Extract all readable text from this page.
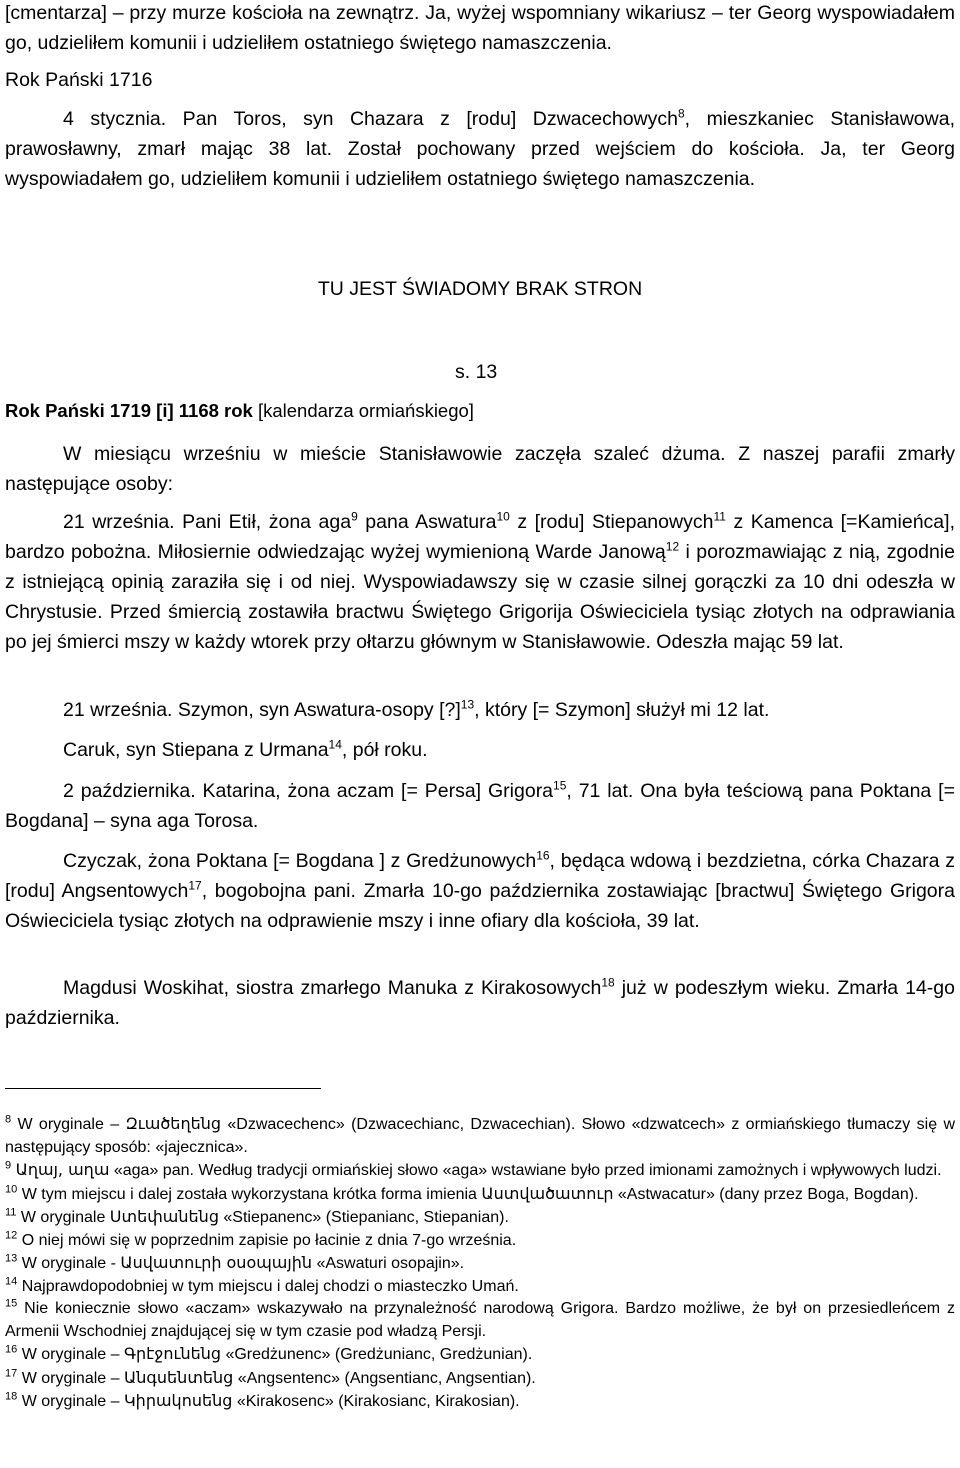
[cmentarza] – przy murze kościoła na zewnątrz. Ja, wyżej wspomniany wikariusz – ter Georg wyspowiadałem go, udzieliłem komunii i udzieliłem ostatniego świętego namaszczenia.

Rok Pański 1716

4 stycznia. Pan Toros, syn Chazara z [rodu] Dzwacechowych$^8$, mieszkaniec Stanisławowa, prawosławny, zmarł mając 38 lat. Został pochowany przed wejściem do kościoła. Ja, ter Georg wyspowiadałem go, udzieliłem komunii i udzieliłem ostatniego świętego namaszczenia.

TU JEST ŚWIADOMY BRAK STRON

s. 13

Rok Pański 1719 [i] 1168 rok [kalendarza ormiańskiego]

W miesiącu wrześniu w mieście Stanisławowie zaczęła szaleć dżuma. Z naszej parafii zmarły następujące osoby:

21 września. Pani Etił, żona aga$^9$ pana Aswatura$^{10}$ z [rodu] Stiepanowych$^{11}$ z Kamenca [=Kamieńca], bardzo pobożna. Miłosiernie odwiedzając wyżej wymienioną Warde Janową$^{12}$ i porozmawiając z nią, zgodnie z istniejącą opinią zaraziła się i od niej. Wyspowiadawszy się w czasie silnej gorączki za 10 dni odeszła w Chrystusie. Przed śmiercią zostawiła bractwu Świętego Grigorija Oświeciciela tysiąc złotych na odprawiania po jej śmierci mszy w każdy wtorek przy ołtarzu głównym w Stanisławowie. Odeszła mając 59 lat.

21 września. Szymon, syn Aswatura-osopy [?]$^{13}$, który [= Szymon] służył mi 12 lat.

Caruk, syn Stiepana z Urmana$^{14}$, pół roku.

2 października. Katarina, żona aczam [= Persa] Grigora$^{15}$, 71 lat. Ona była teściową pana Poktana [= Bogdana] – syna aga Torosa.

Czyczak, żona Poktana [= Bogdana ] z Gredżunowych$^{16}$, będąca wdową i bezdzietna, córka Chazara z [rodu] Angsentowych$^{17}$, bogobojna pani. Zmarła 10-go października zostawiając [bractwu] Świętego Grigora Oświeciciela tysiąc złotych na odprawienie mszy i inne ofiary dla kościoła, 39 lat.

Magdusi Woskihat, siostra zmarłego Manuka z Kirakosowych$^{18}$ już w podeszłym wieku. Zmarła 14-go października.

$^8$ W oryginale – Զւածեղենց «Dzwacechenc» (Dzwacechianc, Dzwacechian). Słowo «dzwatcech» z ormiańskiego tłumaczy się w następujący sposób: «jajecznica».

$^9$ Աղայ, աղա «aga» pan. Według tradycji ormiańskiej słowo «aga» wstawiane było przed imionami zamożnych i wpływowych ludzi.

$^{10}$ W tym miejscu i dalej została wykorzystana krótka forma imienia Աստվածատուր «Astwacatur» (dany przez Boga, Bogdan).

$^{11}$ W oryginale Ստեփանենց «Stiepanenc» (Stiepanianc, Stiepanian).

$^{12}$ O niej mówi się w poprzednim zapisie po łacinie z dnia 7-go września.

$^{13}$ W oryginale - Ասվատուրի օսօպային «Aswaturi osopajin».

$^{14}$ Najprawdopodobniej w tym miejscu i dalej chodzi o miasteczko Umań.

$^{15}$ Nie koniecznie słowo «aczam» wskazywało na przynależność narodową Grigora. Bardzo możliwe, że był on przesiedleńcem z Armenii Wschodniej znajdującej się w tym czasie pod władzą Persji.

$^{16}$ W oryginale – Գրէջունենց «Gredżunenc» (Gredżunianc, Gredżunian).

$^{17}$ W oryginale – Անգսենտենց «Angsentenc» (Angsentianc, Angsentian).

$^{18}$ W oryginale – Կիրակոսենց «Kirakosenc» (Kirakosianc, Kirakosian).
